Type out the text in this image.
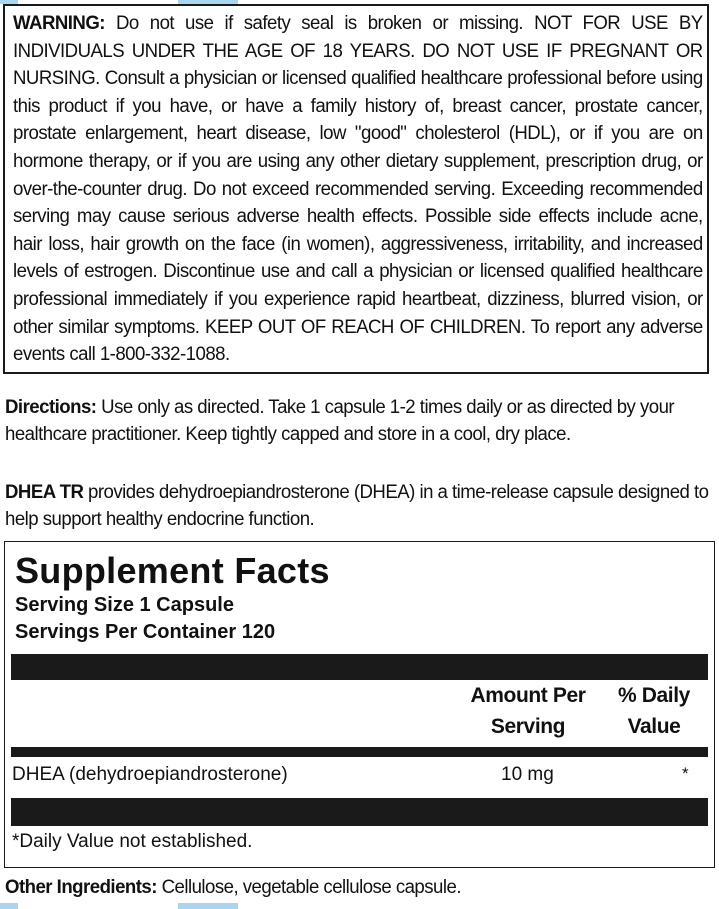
WARNING: Do not use if safety seal is broken or missing. NOT FOR USE BY INDIVIDUALS UNDER THE AGE OF 18 YEARS. DO NOT USE IF PREGNANT OR NURSING. Consult a physician or licensed qualified healthcare professional before using this product if you have, or have a family history of, breast cancer, prostate cancer, prostate enlargement, heart disease, low "good" cholesterol (HDL), or if you are on hormone therapy, or if you are using any other dietary supplement, prescription drug, or over-the-counter drug. Do not exceed recommended serving. Exceeding recommended serving may cause serious adverse health effects. Possible side effects include acne, hair loss, hair growth on the face (in women), aggressiveness, irritability, and increased levels of estrogen. Discontinue use and call a physician or licensed qualified healthcare professional immediately if you experience rapid heartbeat, dizziness, blurred vision, or other similar symptoms. KEEP OUT OF REACH OF CHILDREN. To report any adverse events call 1-800-332-1088.

Directions: Use only as directed. Take 1 capsule 1-2 times daily or as directed by your healthcare practitioner. Keep tightly capped and store in a cool, dry place.

DHEA TR provides dehydroepiandrosterone (DHEA) in a time-release capsule designed to help support healthy endocrine function.

Supplement Facts

Serving Size 1 Capsule

Servings Per Container 120

Amount Per Serving
% Daily Value
DHEA (dehydroepiandrosterone)	10 mg	*
*Daily Value not established.

Other Ingredients: Cellulose, vegetable cellulose capsule.
